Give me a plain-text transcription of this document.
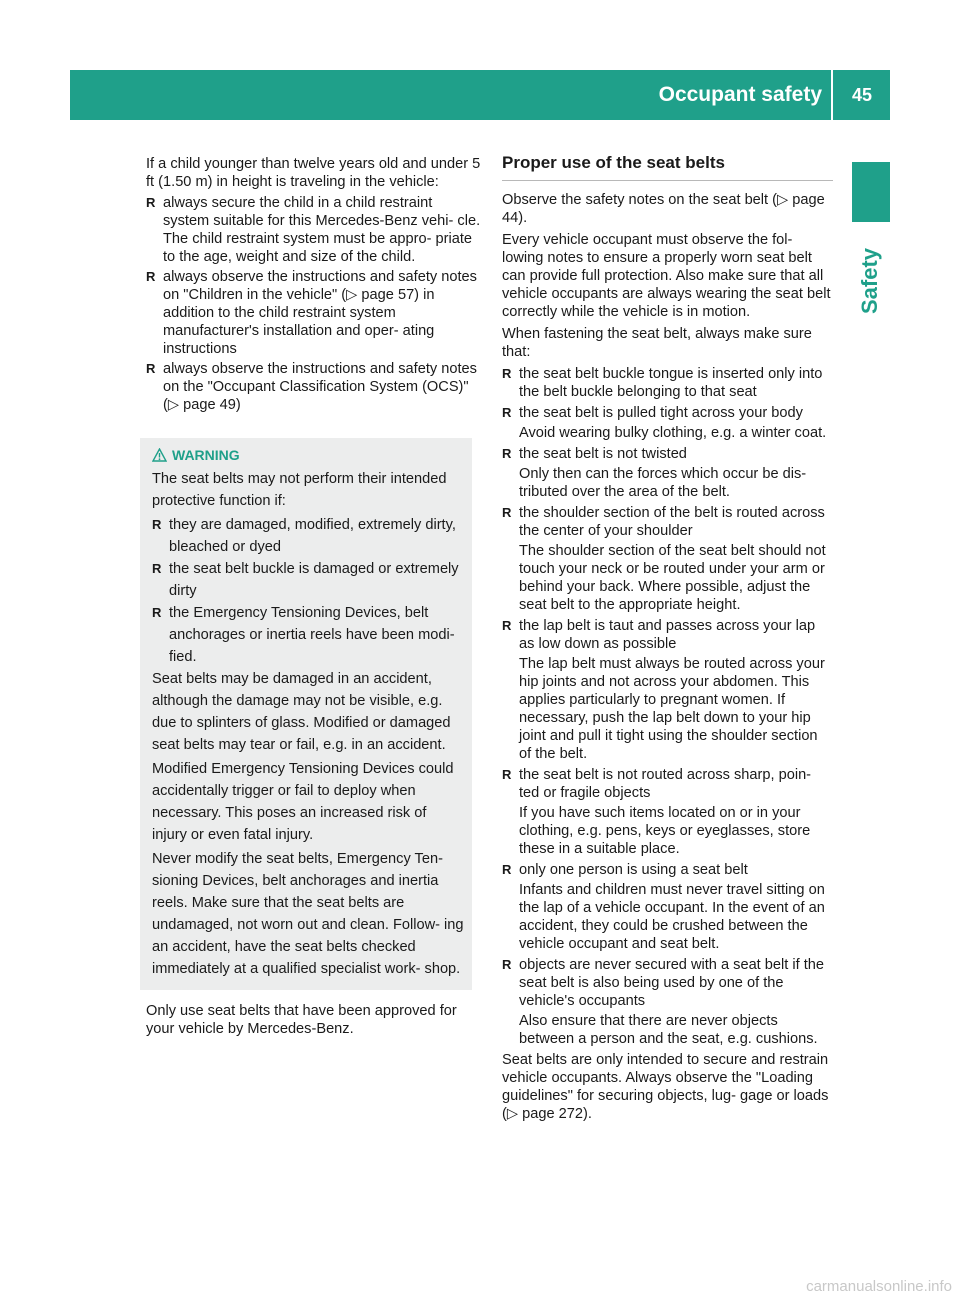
Occupant safety 45
Safety

If a child younger than twelve years old and under 5 ft (1.50 m) in height is traveling in the vehicle:

R always secure the child in a child restraint system suitable for this Mercedes-Benz vehi- cle. The child restraint system must be appro- priate to the age, weight and size of the child.
R always observe the instructions and safety notes on "Children in the vehicle" (▷ page 57) in addition to the child restraint system manufacturer's installation and oper- ating instructions
R always observe the instructions and safety notes on the "Occupant Classification System (OCS)" (▷ page 49)
WARNING

The seat belts may not perform their intended protective function if:

R they are damaged, modified, extremely dirty, bleached or dyed
R the seat belt buckle is damaged or extremely dirty
R the Emergency Tensioning Devices, belt anchorages or inertia reels have been modi- fied.

Seat belts may be damaged in an accident, although the damage may not be visible, e.g. due to splinters of glass. Modified or damaged seat belts may tear or fail, e.g. in an accident.

Modified Emergency Tensioning Devices could accidentally trigger or fail to deploy when necessary. This poses an increased risk of injury or even fatal injury.

Never modify the seat belts, Emergency Ten- sioning Devices, belt anchorages and inertia reels. Make sure that the seat belts are undamaged, not worn out and clean. Follow- ing an accident, have the seat belts checked immediately at a qualified specialist work- shop.

Only use seat belts that have been approved for your vehicle by Mercedes-Benz.

Proper use of the seat belts

Observe the safety notes on the seat belt (▷ page 44).

Every vehicle occupant must observe the fol- lowing notes to ensure a properly worn seat belt can provide full protection. Also make sure that all vehicle occupants are always wearing the seat belt correctly while the vehicle is in motion.

When fastening the seat belt, always make sure that:

R the seat belt buckle tongue is inserted only into the belt buckle belonging to that seat
R the seat belt is pulled tight across your body
Avoid wearing bulky clothing, e.g. a winter coat.
R the seat belt is not twisted
Only then can the forces which occur be dis- tributed over the area of the belt.
R the shoulder section of the belt is routed across the center of your shoulder
The shoulder section of the seat belt should not touch your neck or be routed under your arm or behind your back. Where possible, adjust the seat belt to the appropriate height.
R the lap belt is taut and passes across your lap as low down as possible
The lap belt must always be routed across your hip joints and not across your abdomen. This applies particularly to pregnant women. If necessary, push the lap belt down to your hip joint and pull it tight using the shoulder section of the belt.
R the seat belt is not routed across sharp, poin- ted or fragile objects
If you have such items located on or in your clothing, e.g. pens, keys or eyeglasses, store these in a suitable place.
R only one person is using a seat belt
Infants and children must never travel sitting on the lap of a vehicle occupant. In the event of an accident, they could be crushed between the vehicle occupant and seat belt.
R objects are never secured with a seat belt if the seat belt is also being used by one of the vehicle's occupants
Also ensure that there are never objects between a person and the seat, e.g. cushions.

Seat belts are only intended to secure and restrain vehicle occupants. Always observe the "Loading guidelines" for securing objects, lug- gage or loads (▷ page 272).

carmanualsonline.info
